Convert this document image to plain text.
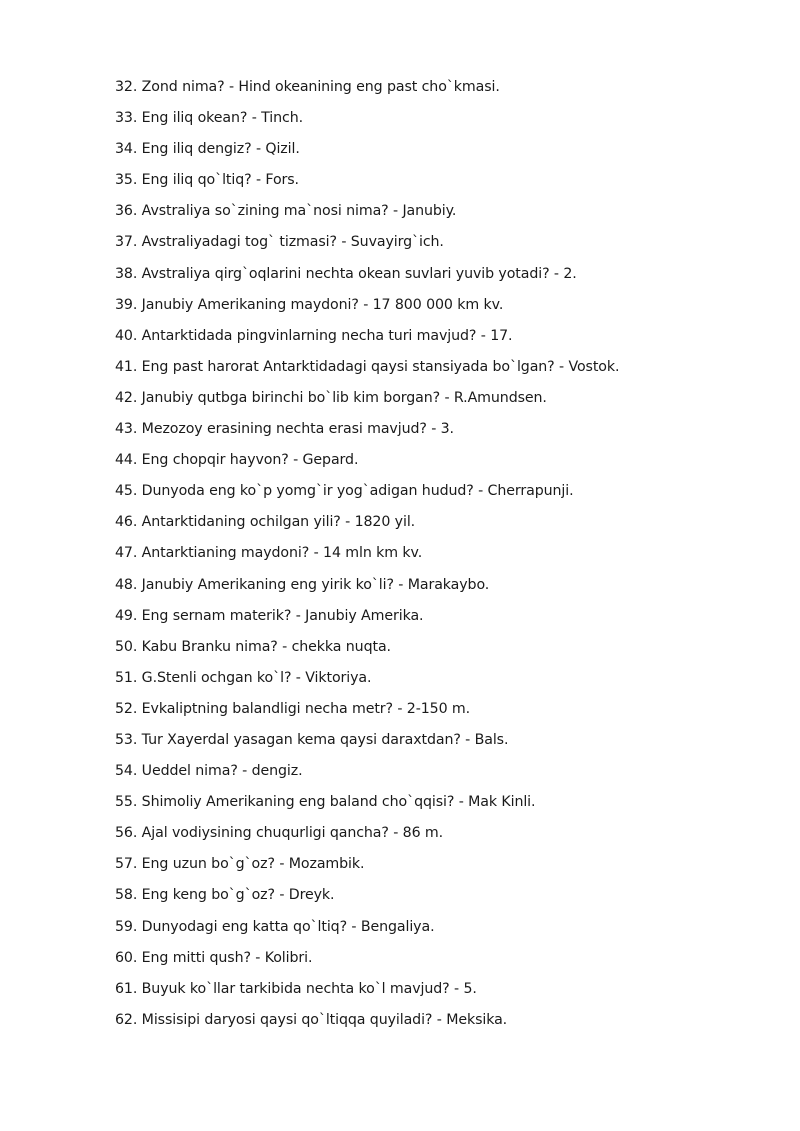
32. Zond nima? - Hind okeanining eng past cho`kmasi.
33. Eng iliq okean? - Tinch.
34. Eng iliq dengiz? - Qizil.
35. Eng iliq qo`ltiq? - Fors.
36. Avstraliya so`zining ma`nosi nima? - Janubiy.
37. Avstraliyadagi tog` tizmasi? - Suvayirg`ich.
38. Avstraliya qirg`oqlarini nechta okean suvlari yuvib yotadi? - 2.
39. Janubiy Amerikaning maydoni? - 17 800 000 km kv.
40. Antarktidada pingvinlarning necha turi mavjud? - 17.
41. Eng past harorat Antarktidadagi qaysi stansiyada bo`lgan? - Vostok.
42. Janubiy qutbga birinchi bo`lib kim borgan? - R.Amundsen.
43. Mezozoy erasining nechta erasi mavjud? - 3.
44. Eng chopqir hayvon? - Gepard.
45. Dunyoda eng ko`p yomg`ir yog`adigan hudud? - Cherrapunji.
46. Antarktidaning ochilgan yili? - 1820 yil.
47. Antarktianing maydoni? - 14 mln km kv.
48. Janubiy Amerikaning eng yirik ko`li? - Marakaybo.
49. Eng sernam materik? - Janubiy Amerika.
50. Kabu Branku nima? - chekka nuqta.
51. G.Stenli ochgan ko`l? - Viktoriya.
52. Evkaliptning balandligi necha metr? - 2-150 m.
53. Tur Xayerdal yasagan kema qaysi daraxtdan? - Bals.
54. Ueddel nima? - dengiz.
55. Shimoliy Amerikaning eng baland cho`qqisi? - Mak Kinli.
56. Ajal vodiysining chuqurligi qancha? - 86 m.
57. Eng uzun bo`g`oz? - Mozambik.
58. Eng keng bo`g`oz? - Dreyk.
59. Dunyodagi eng katta qo`ltiq? - Bengaliya.
60. Eng mitti qush? - Kolibri.
61. Buyuk ko`llar tarkibida nechta ko`l mavjud? - 5.
62. Missisipi daryosi qaysi qo`ltiqqa quyiladi? - Meksika.
